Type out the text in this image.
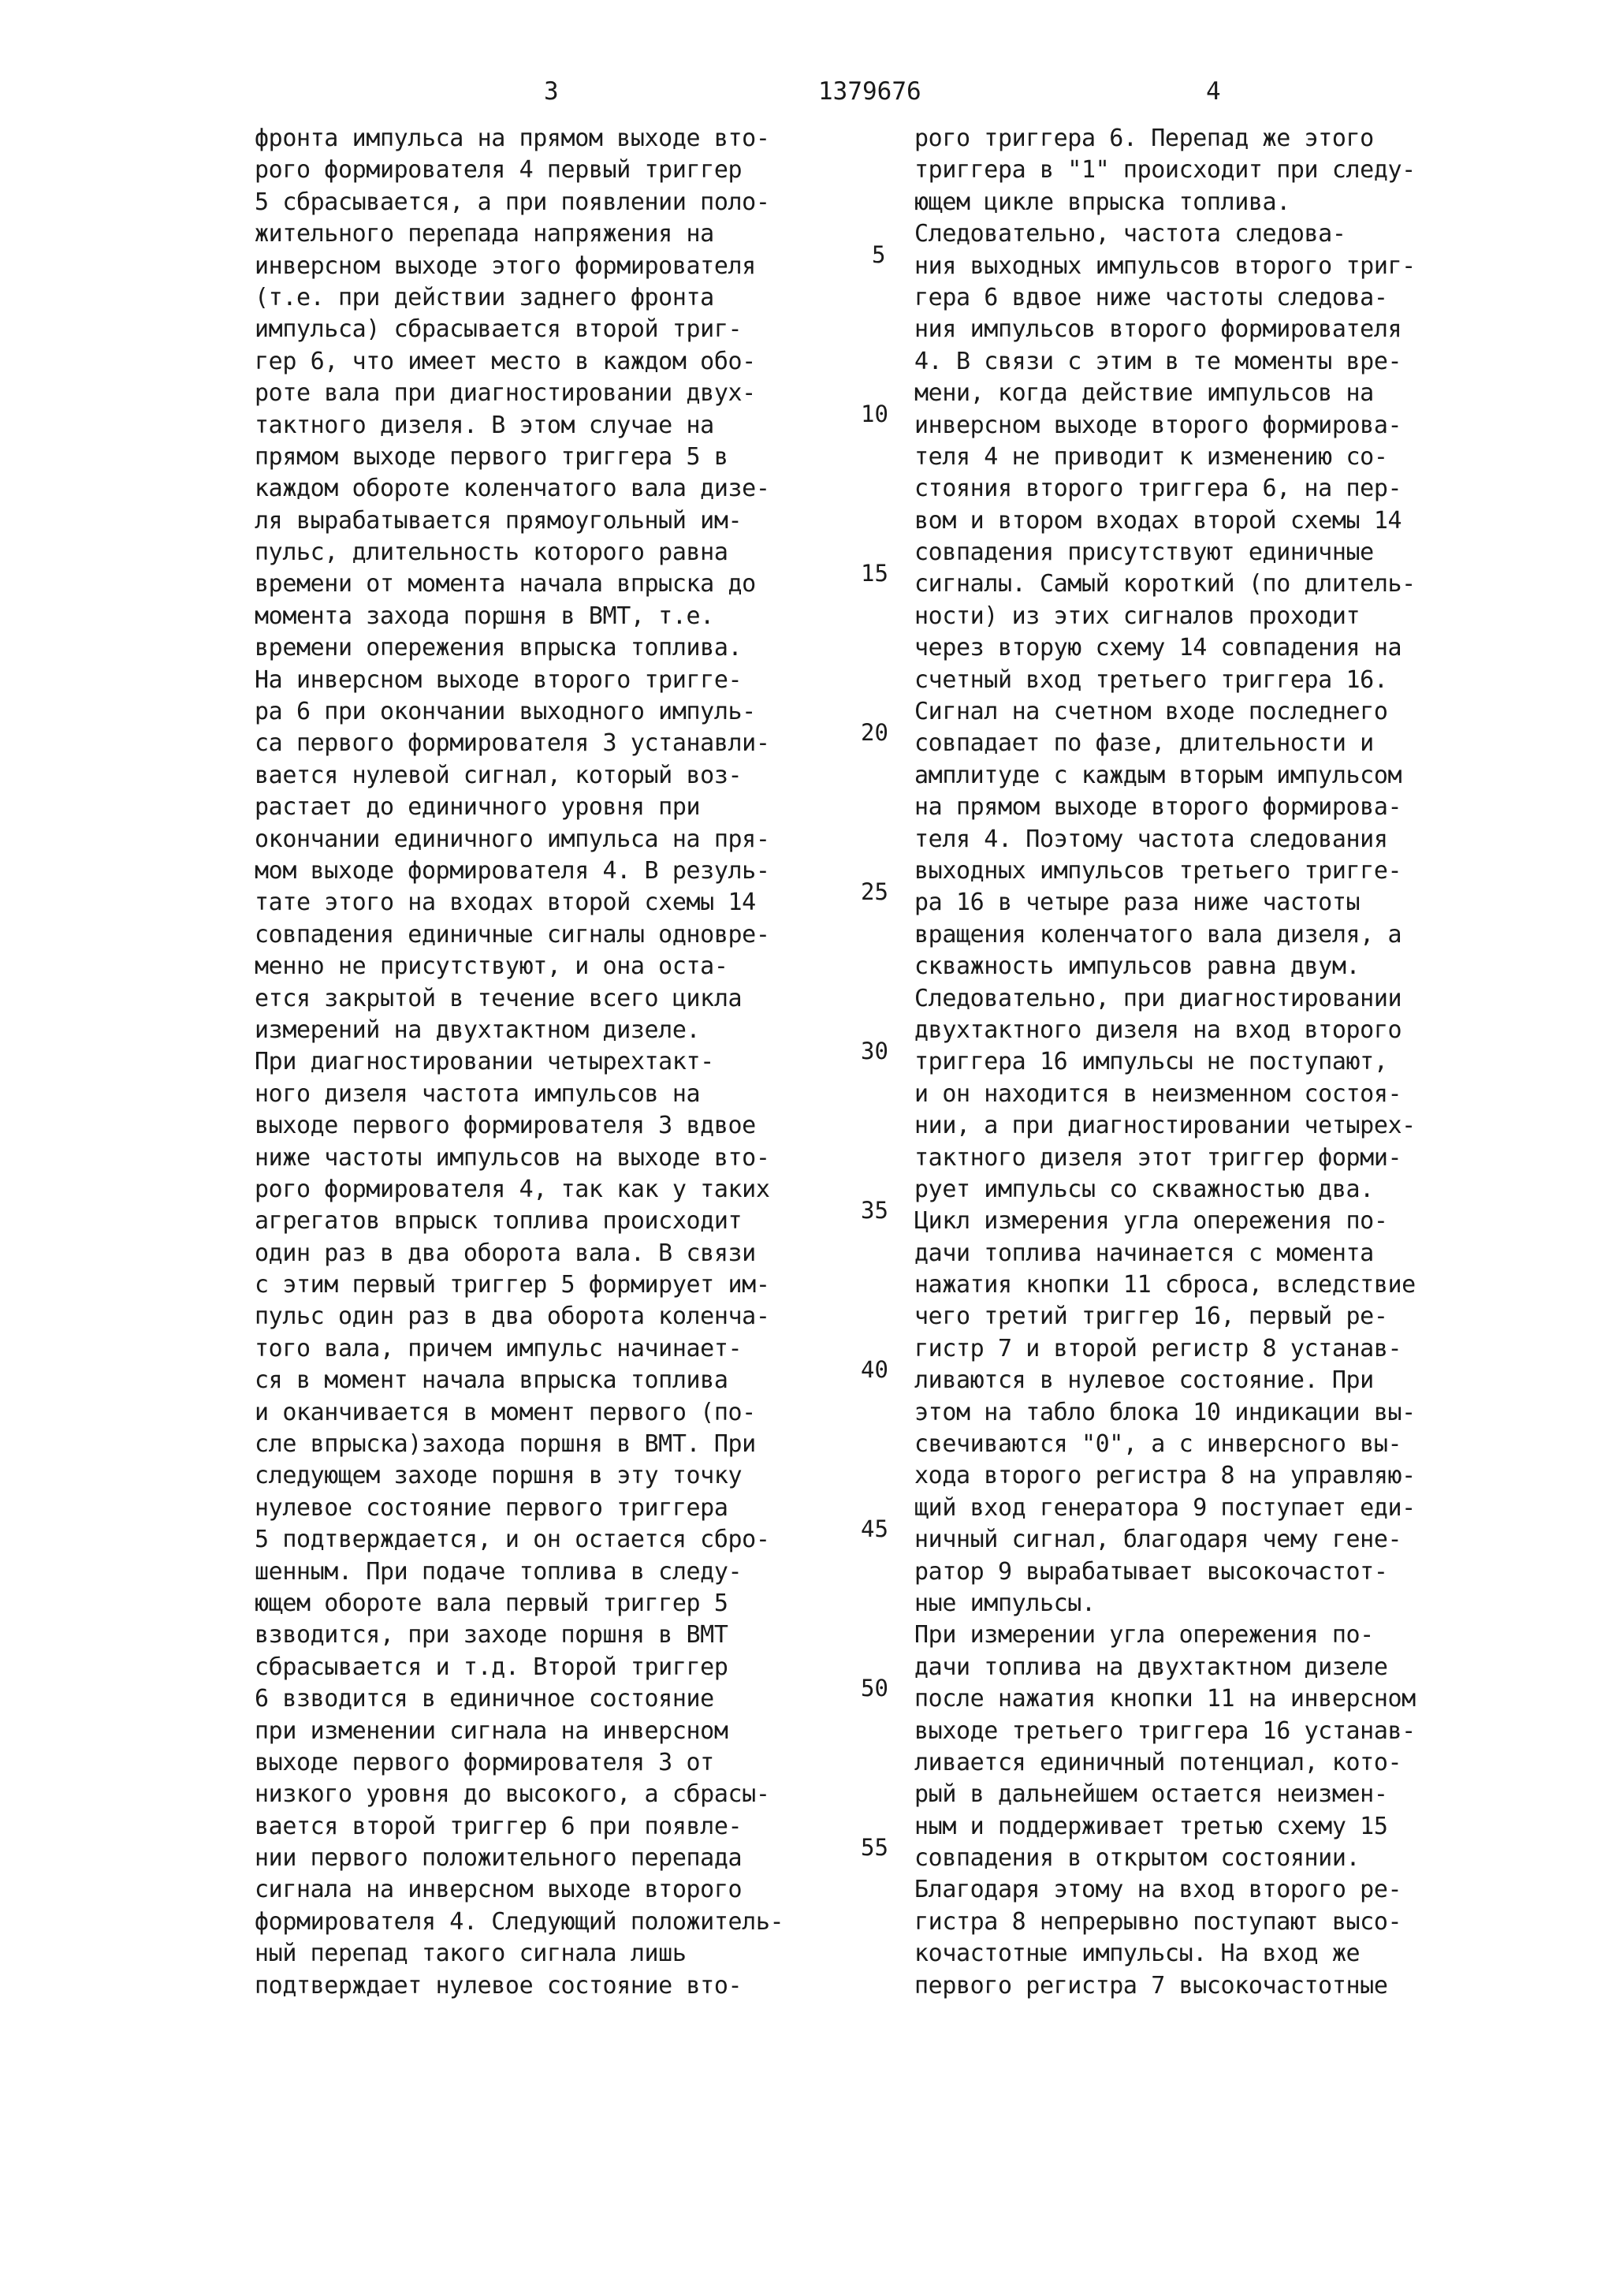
3	1379676	4
фронта импульса на прямом выходе вто-
рого формирователя 4 первый триггер
5 сбрасывается, а при появлении поло-
жительного перепада напряжения на
инверсном выходе этого формирователя
(т.е. при действии заднего фронта
импульса) сбрасывается второй триг-
гер 6, что имеет место в каждом обо-
роте вала при диагностировании двух-
тактного дизеля. В этом случае на
прямом выходе первого триггера 5 в
каждом обороте коленчатого вала дизе-
ля вырабатывается прямоугольный им-
пульс, длительность которого равна
времени от момента начала впрыска до
момента захода поршня в ВМТ, т.е.
времени опережения впрыска топлива.
На инверсном выходе второго тригге-
ра 6 при окончании выходного импуль-
са первого формирователя 3 устанавли-
вается нулевой сигнал, который воз-
растает до единичного уровня при
окончании единичного импульса на пря-
мом выходе формирователя 4. В резуль-
тате этого на входах второй схемы 14
совпадения единичные сигналы одновре-
менно не присутствуют, и она оста-
ется закрытой в течение всего цикла
измерений на двухтактном дизеле.
При диагностировании четырехтакт-
ного дизеля частота импульсов на
выходе первого формирователя 3 вдвое
ниже частоты импульсов на выходе вто-
рого формирователя 4, так как у таких
агрегатов впрыск топлива происходит
один раз в два оборота вала. В связи
с этим первый триггер 5 формирует им-
пульс один раз в два оборота коленча-
того вала, причем импульс начинает-
ся в момент начала впрыска топлива
и оканчивается в момент первого (по-
сле впрыска)захода поршня в ВМТ. При
следующем заходе поршня в эту точку
нулевое состояние первого триггера
5 подтверждается, и он остается сбро-
шенным. При подаче топлива в следу-
ющем обороте вала первый триггер 5
взводится, при заходе поршня в ВМТ
сбрасывается и т.д. Второй триггер
6 взводится в единичное состояние
при изменении сигнала на инверсном
выходе первого формирователя 3 от
низкого уровня до высокого, а сбрасы-
вается второй триггер 6 при появле-
нии первого положительного перепада
сигнала на инверсном выходе второго
формирователя 4. Следующий положитель-
ный перепад такого сигнала лишь
подтверждает нулевое состояние вто-
рого триггера 6. Перепад же этого
триггера в "1" происходит при следу-
ющем цикле впрыска топлива.
Следовательно, частота следова-
ния выходных импульсов второго триг-
гера 6 вдвое ниже частоты следова-
ния импульсов второго формирователя
4. В связи с этим в те моменты вре-
мени, когда действие импульсов на
инверсном выходе второго формирова-
теля 4 не приводит к изменению со-
стояния второго триггера 6, на пер-
вом и втором входах второй схемы 14
совпадения присутствуют единичные
сигналы. Самый короткий (по длитель-
ности) из этих сигналов проходит
через вторую схему 14 совпадения на
счетный вход третьего триггера 16.
Сигнал на счетном входе последнего
совпадает по фазе, длительности и
амплитуде с каждым вторым импульсом
на прямом выходе второго формирова-
теля 4. Поэтому частота следования
выходных импульсов третьего тригге-
ра 16 в четыре раза ниже частоты
вращения коленчатого вала дизеля, а
скважность импульсов равна двум.
Следовательно, при диагностировании
двухтактного дизеля на вход второго
триггера 16 импульсы не поступают,
и он находится в неизменном состоя-
нии, а при диагностировании четырех-
тактного дизеля этот триггер форми-
рует импульсы со скважностью два.
Цикл измерения угла опережения по-
дачи топлива начинается с момента
нажатия кнопки 11 сброса, вследствие
чего третий триггер 16, первый ре-
гистр 7 и второй регистр 8 устанав-
ливаются в нулевое состояние. При
этом на табло блока 10 индикации вы-
свечиваются "0", а с инверсного вы-
хода второго регистра 8 на управляю-
щий вход генератора 9 поступает еди-
ничный сигнал, благодаря чему гене-
ратор 9 вырабатывает высокочастот-
ные импульсы.
При измерении угла опережения по-
дачи топлива на двухтактном дизеле
после нажатия кнопки 11 на инверсном
выходе третьего триггера 16 устанав-
ливается единичный потенциал, кото-
рый в дальнейшем остается неизмен-
ным и поддерживает третью схему 15
совпадения в открытом состоянии.
Благодаря этому на вход второго ре-
гистра 8 непрерывно поступают высо-
кочастотные импульсы. На вход же
первого регистра 7 высокочастотные
5
10
15
20
25
30
35
40
45
50
55
